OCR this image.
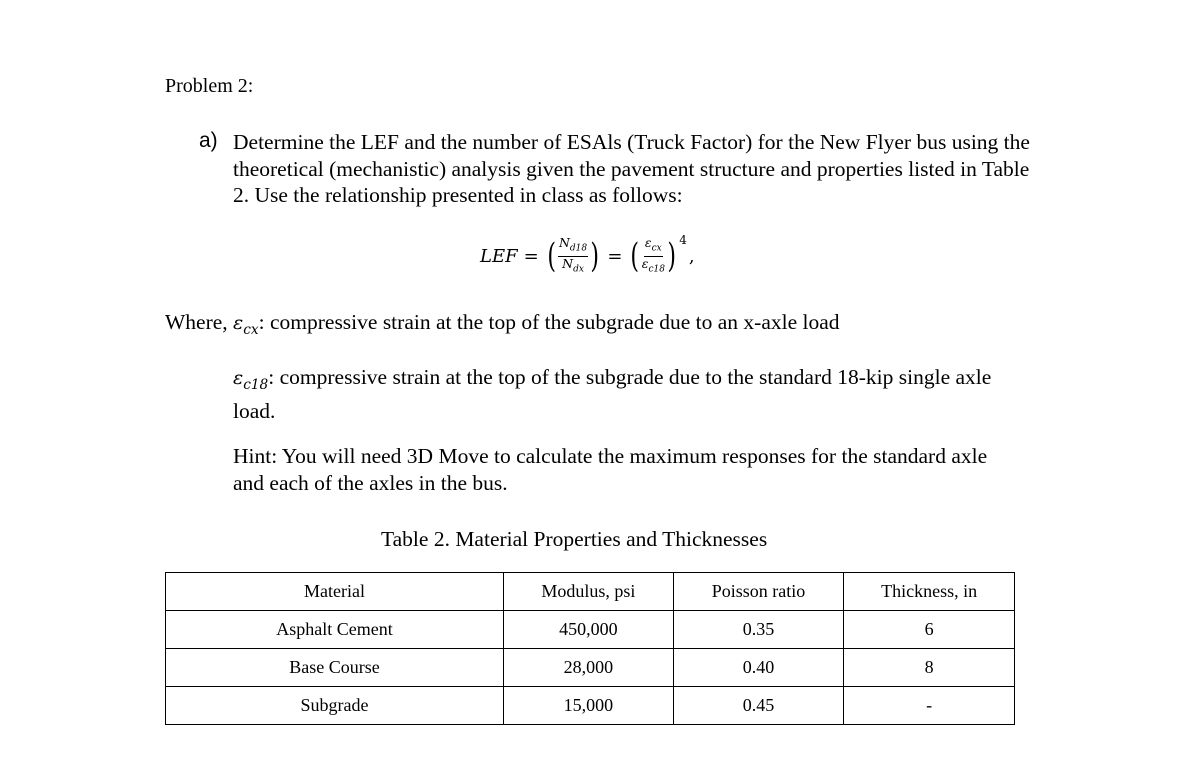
Problem 2:
a) Determine the LEF and the number of ESAls (Truck Factor) for the New Flyer bus using the theoretical (mechanistic) analysis given the pavement structure and properties listed in Table 2. Use the relationship presented in class as follows:
LEF = ( $\frac{N_{d18}}{N_{dx}}$ ) = ( $\frac{\varepsilon_{cx}}{\varepsilon_{c18}}$ ) 4
,
Where, $\varepsilon_{cx}$: compressive strain at the top of the subgrade due to an x-axle load
$\varepsilon_{c18}$: compressive strain at the top of the subgrade due to the standard 18-kip single axle load.
Hint: You will need 3D Move to calculate the maximum responses for the standard axle and each of the axles in the bus.
Table 2. Material Properties and Thicknesses
Material	Modulus, psi	Poisson ratio	Thickness, in
Asphalt Cement	450,000	0.35	6
Base Course	28,000	0.40	8
Subgrade	15,000	0.45	-
